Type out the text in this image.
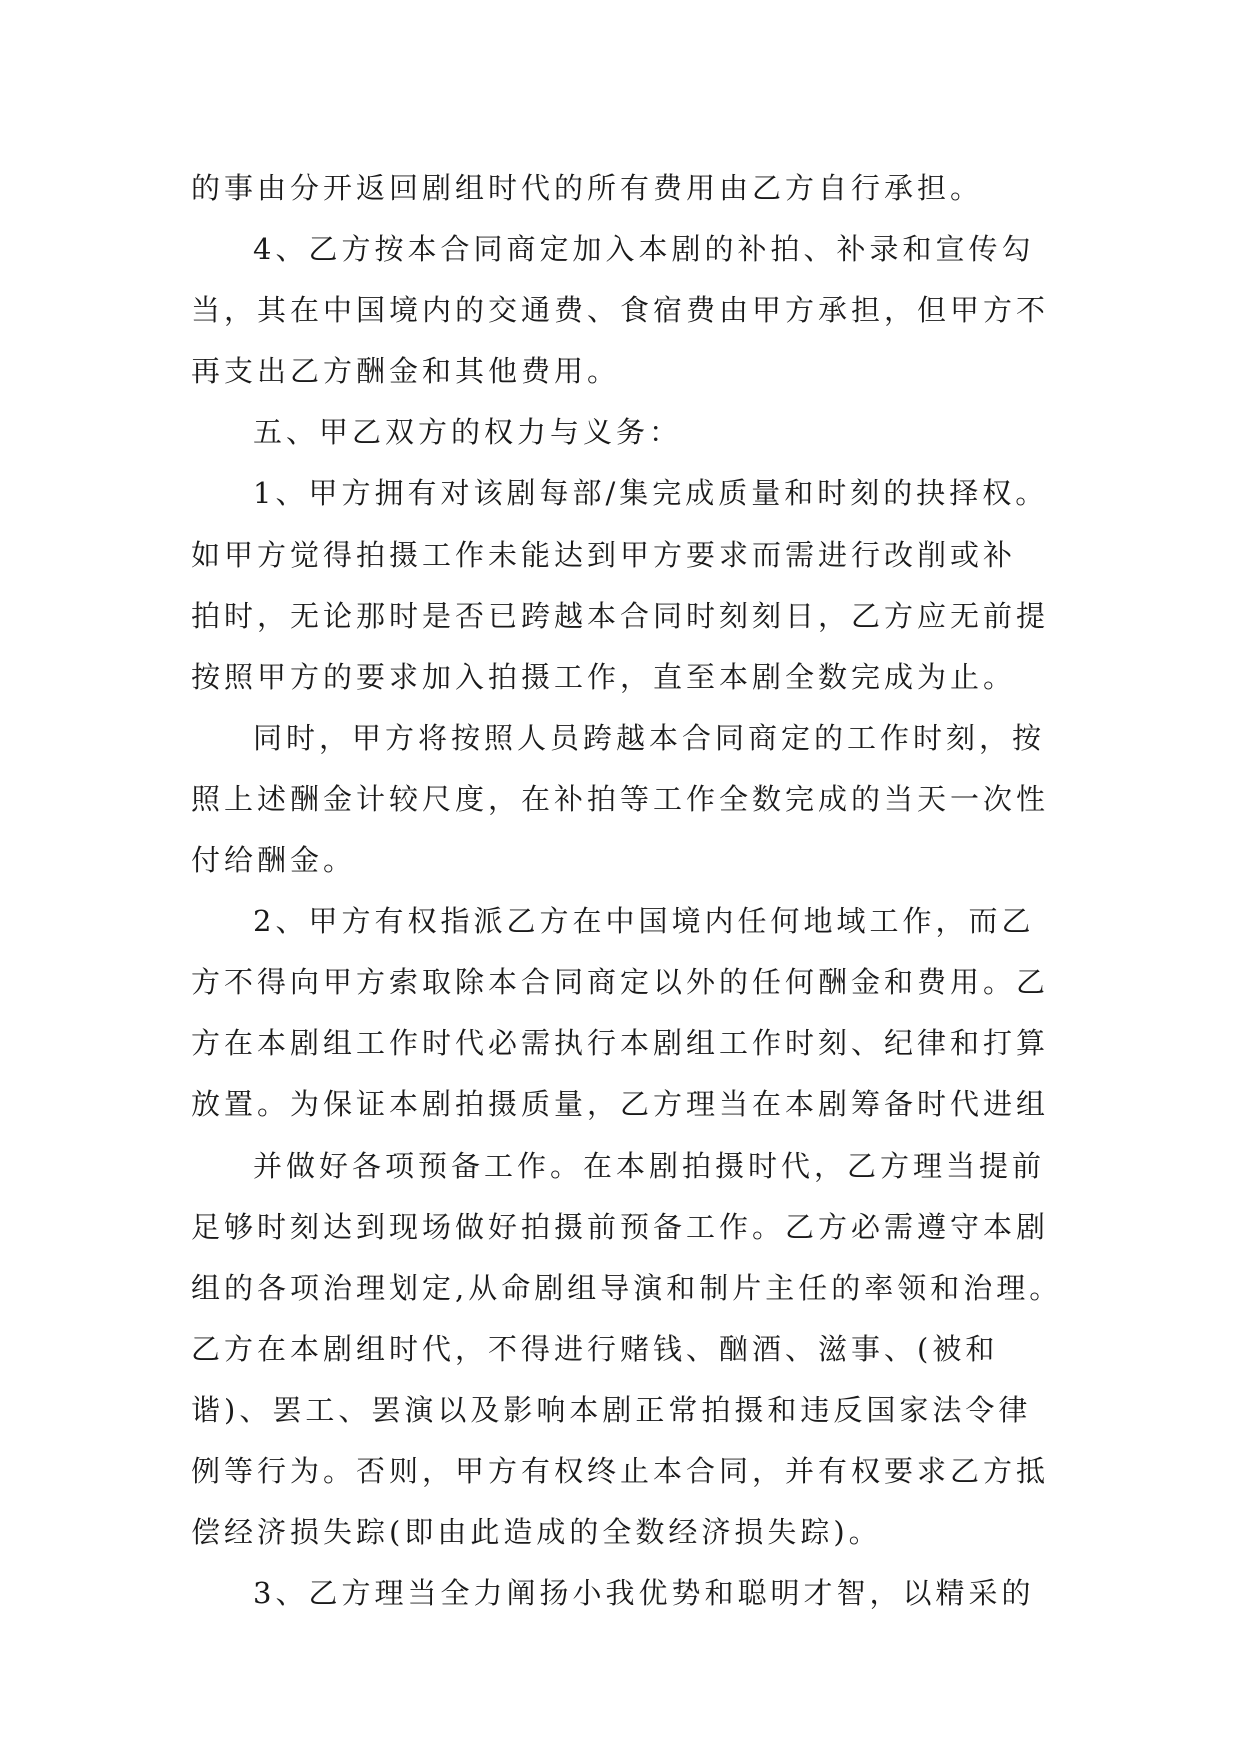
的事由分开返回剧组时代的所有费用由乙方自行承担。
4、乙方按本合同商定加入本剧的补拍、补录和宣传勾
当，其在中国境内的交通费、食宿费由甲方承担，但甲方不
再支出乙方酬金和其他费用。
五、甲乙双方的权力与义务：
1、甲方拥有对该剧每部/集完成质量和时刻的抉择权。
如甲方觉得拍摄工作未能达到甲方要求而需进行改削或补
拍时，无论那时是否已跨越本合同时刻刻日，乙方应无前提
按照甲方的要求加入拍摄工作，直至本剧全数完成为止。
同时，甲方将按照人员跨越本合同商定的工作时刻，按
照上述酬金计较尺度，在补拍等工作全数完成的当天一次性
付给酬金。
2、甲方有权指派乙方在中国境内任何地域工作，而乙
方不得向甲方索取除本合同商定以外的任何酬金和费用。乙
方在本剧组工作时代必需执行本剧组工作时刻、纪律和打算
放置。为保证本剧拍摄质量，乙方理当在本剧筹备时代进组
并做好各项预备工作。在本剧拍摄时代，乙方理当提前
足够时刻达到现场做好拍摄前预备工作。乙方必需遵守本剧
组的各项治理划定,从命剧组导演和制片主任的率领和治理。
乙方在本剧组时代，不得进行赌钱、酗酒、滋事、(被和
谐)、罢工、罢演以及影响本剧正常拍摄和违反国家法令律
例等行为。否则，甲方有权终止本合同，并有权要求乙方抵
偿经济损失踪(即由此造成的全数经济损失踪)。
3、乙方理当全力阐扬小我优势和聪明才智，以精采的
